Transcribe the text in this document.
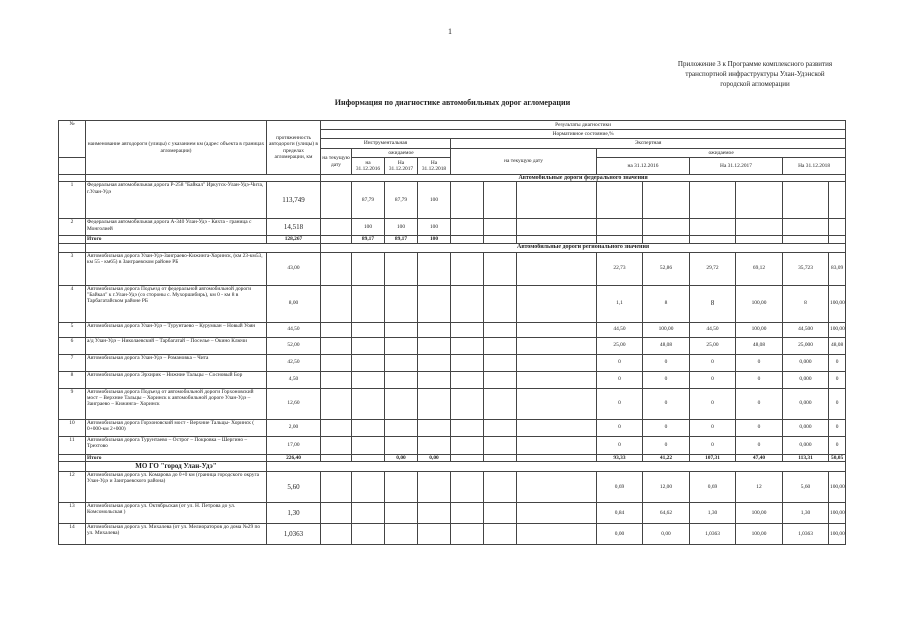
1
Приложение 3 к Программе комплексного развития
транспортной инфраструктуры Улан-Удэнской
городской агломерации
Информация по диагностике автомобильных дорог агломерации
№	наименование автодороги (улицы) с указанием км (адрес объекта в границах агломерации)	протяженность автодороги (улицы) в пределах агломерации, км	Результаты диагностики												
			Нормативное состояние,%												
			Инструментальная				Экспертная								
			на текущую дату	ожидаемое			на текущую дату			ожидаемое					
				на 31.12.2016	На 31.12.2017	На 31.12.2018				на 31.12.2016		На 31.12.2017		На 31.12.2018	
			Автомобильные дороги федерального значения												
1	Федеральная автомобильная дорога Р-258 "Байкал" Иркутск-Улан-Удэ-Чита, г.Улан-Удэ	113,749		87,79	87,79	100									
2	Федеральная автомобильная дорога А-340 Улан-Удэ - Кяхта - граница с Монголией	14,518		100	100	100									
	Итого	128,267		89,17	89,17	100									
			Автомобильные дороги регионального значения												
3	Автомобильная дорога Улан-Удэ-Заиграево-Кижинга-Хоринск, (км 23-км53, км 55 - км65) в Заиграевском районе РБ	43,00								22,73	52,86	29,72	69,12	35,723	83,09
4	Автомобильная дорога Подъезд от федеральной автомобильной дороги "Байкал" к г.Улан-Удэ (со стороны с. Мухоршибирь), км 0 - км 8 в Тарбагатайском районе РБ	8,00								1,1	8	8	100,00	8	100,00
5	Автомобильная дорога Улан-Удэ – Турунтаево – Курумкан – Новый Уоян	44,50								44,50	100,00	44,50	100,00	44,500	100,00
6	а/д Улан-Удэ – Николаевский – Тарбагатай – Поселье – Окино Ключи	52,00								25,00	48,08	25,00	48,08	25,000	48,08
7	Автомобильная дорога Улан-Удэ – Романовка – Чита	42,50								0	0	0	0	0,000	0
8	Автомобильная дорога Эрхирик – Нижние Тальцы – Сосновый Бор	4,50								0	0	0	0	0,000	0
9	Автомобильная дорога Подъезд от автомобильной дороги Горхоновский мост – Верхние Тальцы – Хоринск к автомобильной дороге Улан-Удэ – Заиграево – Кижинга– Хоринск	12,60								0	0	0	0	0,000	0
10	Автомобильная дорога Горхоновский мост - Верхние Тальцы- Хоринск ( 0+000-км 2+000)	2,00								0	0	0	0	0,000	0
11	Автомобильная дорога Турунтаево – Острог – Покровка – Шергино – Трехтово	17,00								0	0	0	0	0,000	0
	Итого	226,40			0,00	0,00				93,33	41,22	107,31	47,40	113,31	50,05
	МО ГО "город Улан-Удэ"														
12	Автомобильная дорога ул. Комарова до 0+0 км (граница городского округа Улан-Удэ и Заиграевского района)	5,60								0,69	12,00	0,69	12	5,60	100,00
13	Автомобильная дорога ул. Октябрьская (от ул. Н. Петрова до ул. Комсомольская )	1,30								0,84	64,62	1,30	100,00	1,30	100,00
14	Автомобильная дорога ул. Михалева (от ул. Мелиораторов до дома №29 по ул. Михалева)	1,0363								0,00	0,00	1,0363	100,00	1,0363	100,00
